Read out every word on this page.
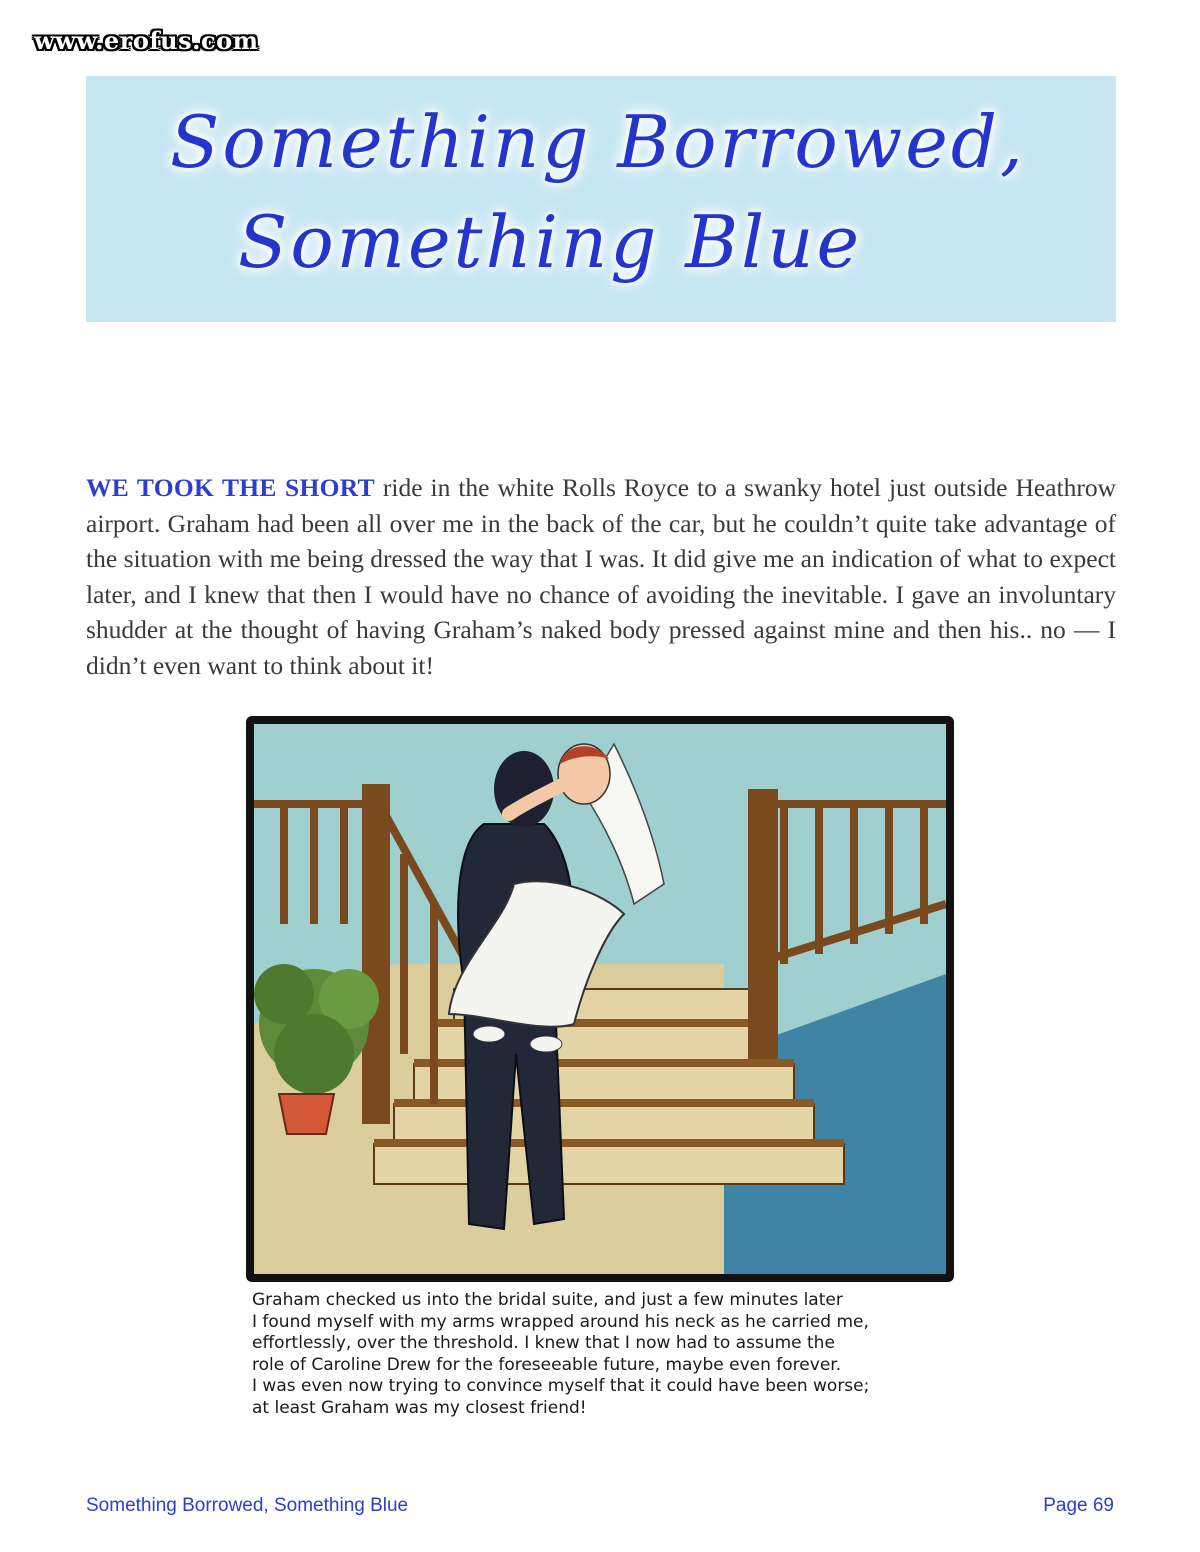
www.erofus.com
Something Borrowed,
Something Blue

WE TOOK THE SHORT ride in the white Rolls Royce to a swanky hotel just outside Heathrow airport. Graham had been all over me in the back of the car, but he couldn’t quite take advantage of the situation with me being dressed the way that I was. It did give me an indication of what to expect later, and I knew that then I would have no chance of avoiding the inevitable. I gave an involuntary shudder at the thought of having Graham’s naked body pressed against mine and then his.. no — I didn’t even want to think about it!

Graham checked us into the bridal suite, and just a few minutes later
I found myself with my arms wrapped around his neck as he carried me,
effortlessly, over the threshold. I knew that I now had to assume the
role of Caroline Drew for the foreseeable future, maybe even forever.
I was even now trying to convince myself that it could have been worse;
at least Graham was my closest friend!
Something Borrowed, Something Blue	Page 69
